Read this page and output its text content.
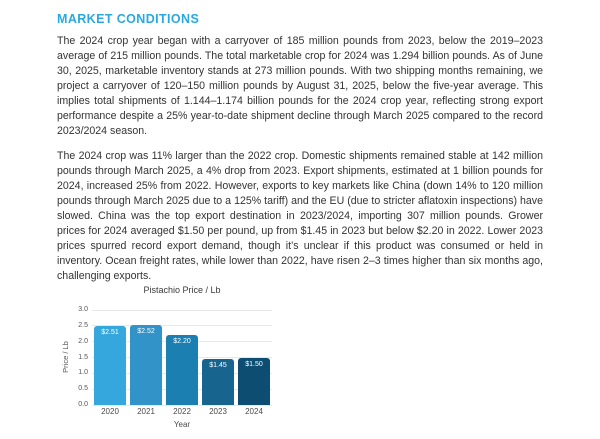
MARKET CONDITIONS

The 2024 crop year began with a carryover of 185 million pounds from 2023, below the 2019–2023 average of 215 million pounds. The total marketable crop for 2024 was 1.294 billion pounds. As of June 30, 2025, marketable inventory stands at 273 million pounds. With two shipping months remaining, we project a carryover of 120–150 million pounds by August 31, 2025, below the five-year average. This implies total shipments of 1.144–1.174 billion pounds for the 2024 crop year, reflecting strong export performance despite a 25% year-to-date shipment decline through March 2025 compared to the record 2023/2024 season.

The 2024 crop was 11% larger than the 2022 crop. Domestic shipments remained stable at 142 million pounds through March 2025, a 4% drop from 2023. Export shipments, estimated at 1 billion pounds for 2024, increased 25% from 2022. However, exports to key markets like China (down 14% to 120 million pounds through March 2025 due to a 125% tariff) and the EU (due to stricter aflatoxin inspections) have slowed. China was the top export destination in 2023/2024, importing 307 million pounds. Grower prices for 2024 averaged $1.50 per pound, up from $1.45 in 2023 but below $2.20 in 2022. Lower 2023 prices spurred record export demand, though it’s unclear if this product was consumed or held in inventory. Ocean freight rates, while lower than 2022, have risen 2–3 times higher than six months ago, challenging exports.

Pistachio Price / Lb
Price / Lb
0.0
0.5
1.0
1.5
2.0
2.5
3.0
$2.51	$2.52
$2.20
$1.45	$1.50
2020	2021	2022	2023	2024
Year
